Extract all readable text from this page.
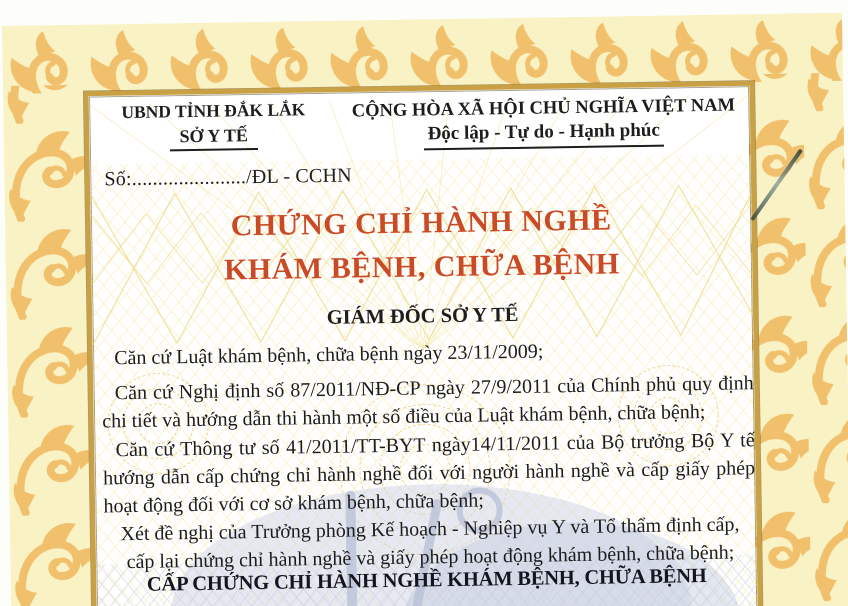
UBND TỈNH ĐẮK LẮK
SỞ Y TẾ
CỘNG HÒA XÃ HỘI CHỦ NGHĨA VIỆT NAM
Độc lập - Tự do - Hạnh phúc
Số:....................../ĐL - CCHN
CHỨNG CHỈ HÀNH NGHỀ
KHÁM BỆNH, CHỮA BỆNH
GIÁM ĐỐC SỞ Y TẾ
Căn cứ Luật khám bệnh, chữa bệnh ngày 23/11/2009;
Căn cứ Nghị định số 87/2011/NĐ-CP ngày 27/9/2011 của Chính phủ quy định
chi tiết và hướng dẫn thi hành một số điều của Luật khám bệnh, chữa bệnh;
Căn cứ Thông tư số 41/2011/TT-BYT ngày14/11/2011 của Bộ trưởng Bộ Y tế
hướng dẫn cấp chứng chỉ hành nghề đối với người hành nghề và cấp giấy phép
hoạt động đối với cơ sở khám bệnh, chữa bệnh;
Xét đề nghị của Trưởng phòng Kế hoạch - Nghiệp vụ Y và Tổ thẩm định cấp,
cấp lại chứng chỉ hành nghề và giấy phép hoạt động khám bệnh, chữa bệnh;
CẤP CHỨNG CHỈ HÀNH NGHỀ KHÁM BỆNH, CHỮA BỆNH
